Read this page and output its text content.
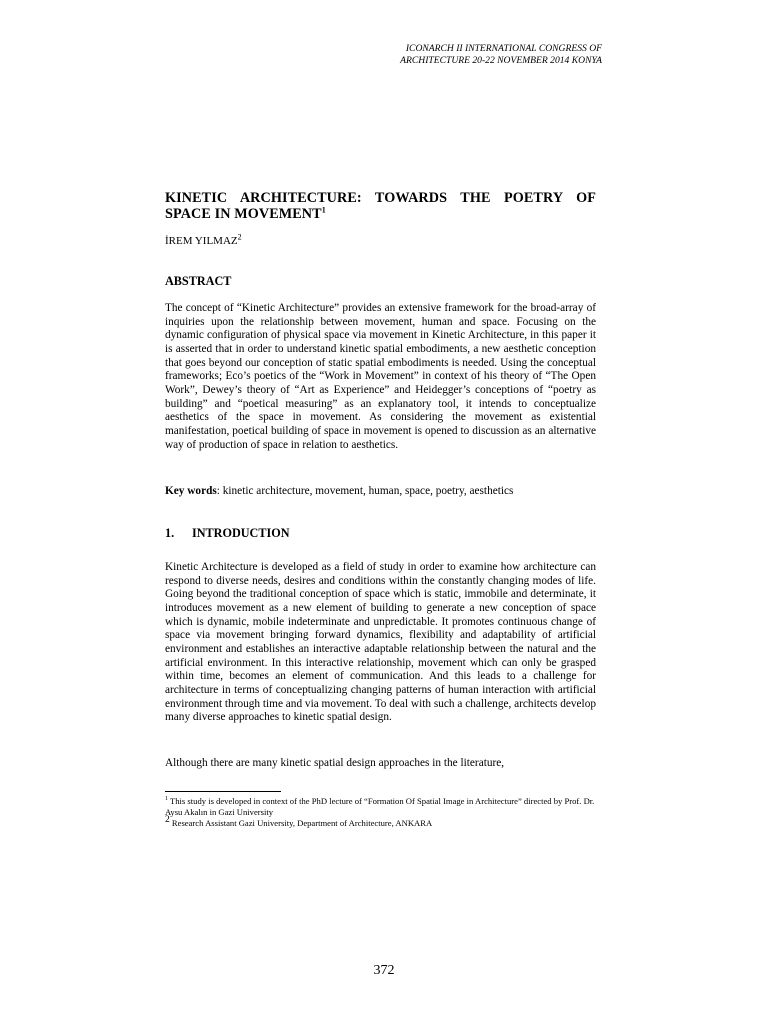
ICONARCH II INTERNATIONAL CONGRESS OF
ARCHITECTURE 20-22 NOVEMBER 2014 KONYA
KINETIC ARCHITECTURE: TOWARDS THE POETRY OF SPACE IN MOVEMENT$^1$
İREM YILMAZ$^2$
ABSTRACT
The concept of “Kinetic Architecture” provides an extensive framework for the broad-array of inquiries upon the relationship between movement, human and space. Focusing on the dynamic configuration of physical space via movement in Kinetic Architecture, in this paper it is asserted that in order to understand kinetic spatial embodiments, a new aesthetic conception that goes beyond our conception of static spatial embodiments is needed. Using the conceptual frameworks; Eco’s poetics of the “Work in Movement” in context of his theory of “The Open Work”, Dewey’s theory of “Art as Experience” and Heidegger’s conceptions of “poetry as building” and “poetical measuring” as an explanatory tool, it intends to conceptualize aesthetics of the space in movement. As considering the movement as existential manifestation, poetical building of space in movement is opened to discussion as an alternative way of production of space in relation to aesthetics.
Key words: kinetic architecture, movement, human, space, poetry, aesthetics
1. INTRODUCTION
Kinetic Architecture is developed as a field of study in order to examine how architecture can respond to diverse needs, desires and conditions within the constantly changing modes of life. Going beyond the traditional conception of space which is static, immobile and determinate, it introduces movement as a new element of building to generate a new conception of space which is dynamic, mobile indeterminate and unpredictable. It promotes continuous change of space via movement bringing forward dynamics, flexibility and adaptability of artificial environment and establishes an interactive adaptable relationship between the natural and the artificial environment. In this interactive relationship, movement which can only be grasped within time, becomes an element of communication. And this leads to a challenge for architecture in terms of conceptualizing changing patterns of human interaction with artificial environment through time and via movement. To deal with such a challenge, architects develop many diverse approaches to kinetic spatial design.
Although there are many kinetic spatial design approaches in the literature,
$^1$ This study is developed in context of the PhD lecture of “Formation Of Spatial Image in Architecture” directed by Prof. Dr. Aysu Akalın in Gazi University
2 Research Assistant Gazi University, Department of Architecture, ANKARA
372
